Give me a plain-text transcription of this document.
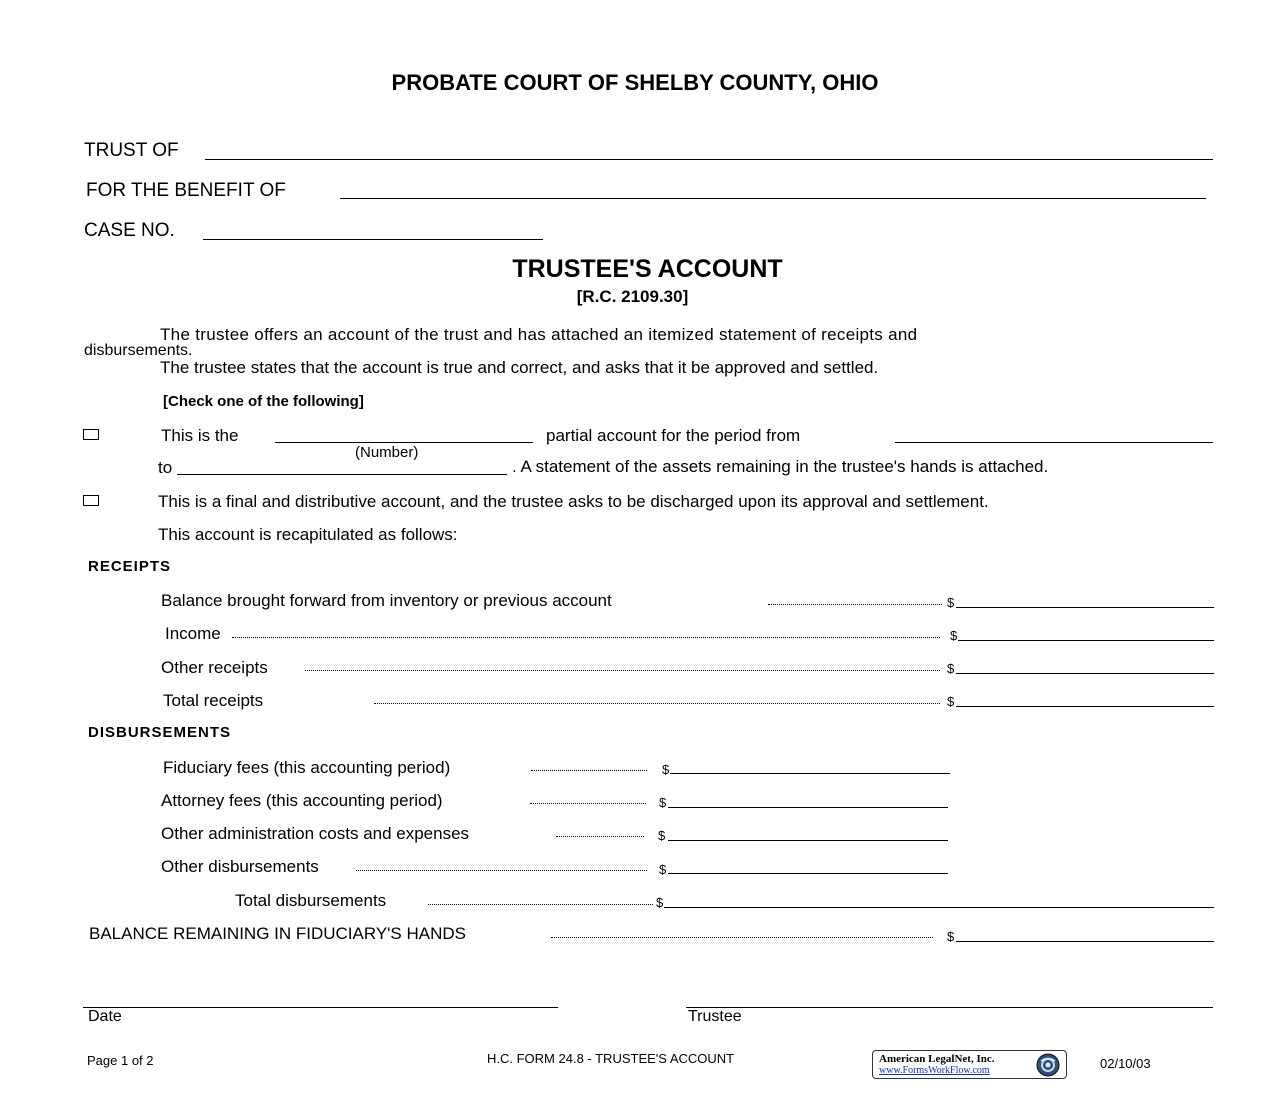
PROBATE COURT OF SHELBY COUNTY, OHIO
TRUST OF
FOR THE BENEFIT OF
CASE NO.
TRUSTEE'S ACCOUNT
[R.C. 2109.30]
The trustee offers an account of the trust and has attached an itemized statement of receipts and
disbursements.
The trustee states that the account is true and correct, and asks that it be approved and settled.
[Check one of the following]
This is the	partial account for the period from
(Number)
to	. A statement of the assets remaining in the trustee's hands is attached.
This is a final and distributive account, and the trustee asks to be discharged upon its approval and settlement.
This account is recapitulated as follows:
RECEIPTS
Balance brought forward from inventory or previous account	$
Income	$
Other receipts	$
Total receipts	$
DISBURSEMENTS
Fiduciary fees (this accounting period)	$
Attorney fees (this accounting period)	$
Other administration costs and expenses	$
Other disbursements	$
Total disbursements	$
BALANCE REMAINING IN FIDUCIARY'S HANDS	$
Date	Trustee
Page 1 of 2	H.C. FORM 24.8 - TRUSTEE'S ACCOUNT	American LegalNet, Inc.
www.FormsWorkFlow.com	02/10/03
